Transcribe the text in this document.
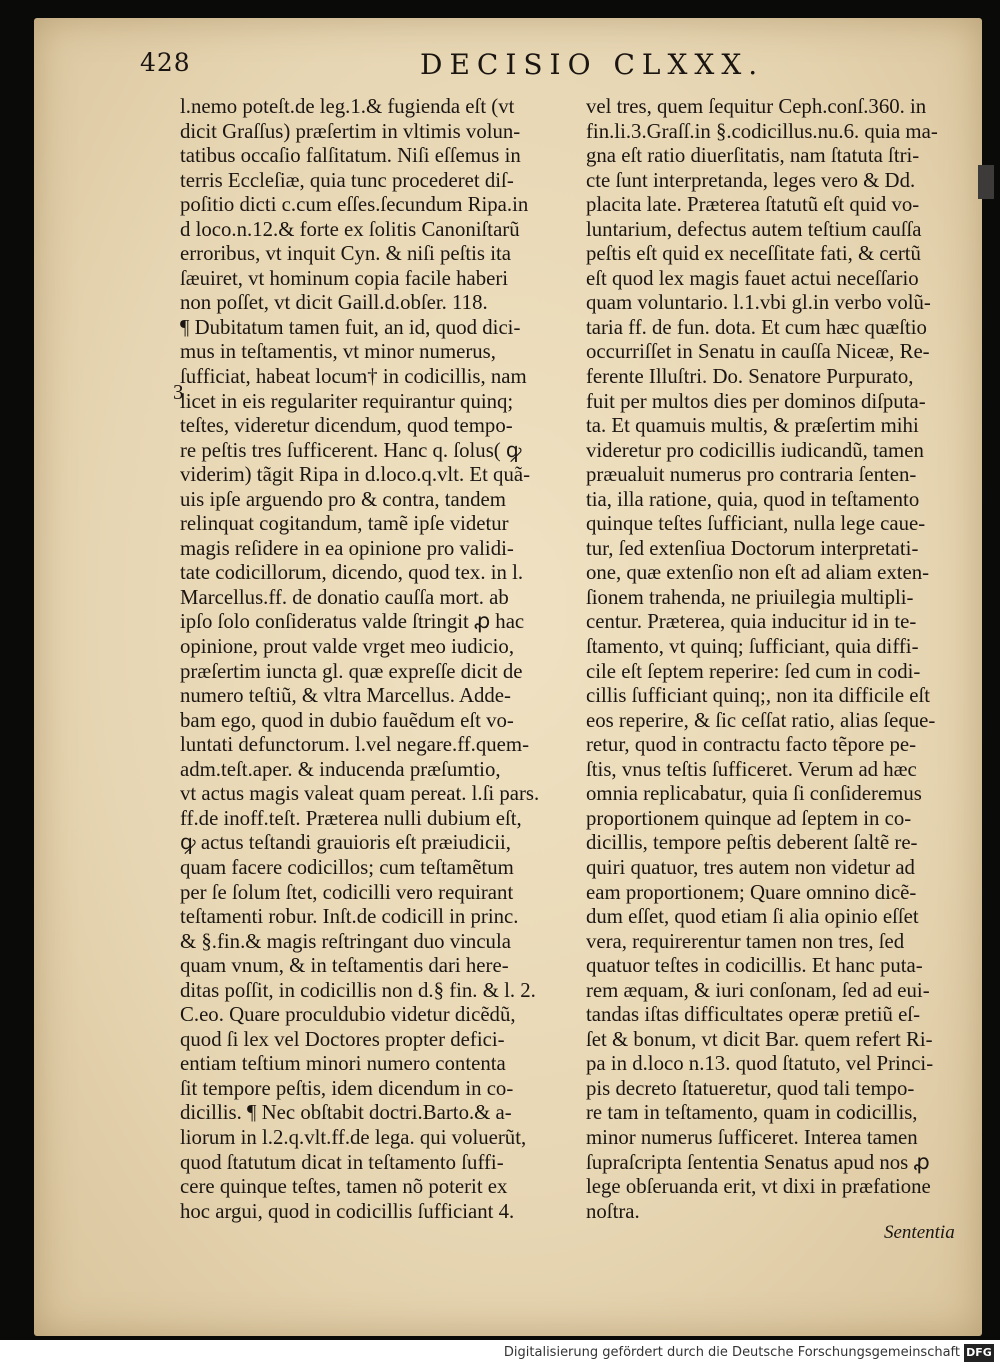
428	DECISIO CLXXX.
3
l.nemo poteſt.de leg.1.& fugienda eſt (vt
dicit Graſſus) præſertim in vltimis volun-
tatibus occaſio falſitatum. Niſi eſſemus in
terris Eccleſiæ, quia tunc procederet diſ-
poſitio dicti c.cum eſſes.ſecundum Ripa.in
d loco.n.12.& forte ex ſolitis Canoniſtarũ
erroribus, vt inquit Cyn. & niſi peſtis ita
ſæuiret, vt hominum copia facile haberi
non poſſet, vt dicit Gaill.d.obſer. 118.
¶ Dubitatum tamen fuit, an id, quod dici-
mus in teſtamentis, vt minor numerus,
ſufficiat, habeat locum† in codicillis, nam
licet in eis regulariter requirantur quinq;
teſtes, videretur dicendum, quod tempo-
re peſtis tres ſufficerent. Hanc q. ſolus( ꝙ
viderim) tãgit Ripa in d.loco.q.vlt. Et quã-
uis ipſe arguendo pro & contra, tandem
relinquat cogitandum, tamẽ ipſe videtur
magis reſidere in ea opinione pro validi-
tate codicillorum, dicendo, quod tex. in l.
Marcellus.ff. de donatio cauſſa mort. ab
ipſo ſolo conſideratus valde ſtringit ꝓ hac
opinione, prout valde vrget meo iudicio,
præſertim iuncta gl. quæ expreſſe dicit de
numero teſtiũ, & vltra Marcellus. Adde-
bam ego, quod in dubio fauẽdum eſt vo-
luntati defunctorum. l.vel negare.ff.quem-
adm.teſt.aper. & inducenda præſumtio,
vt actus magis valeat quam pereat. l.ſi pars.
ff.de inoff.teſt. Præterea nulli dubium eſt,
ꝙ actus teſtandi grauioris eſt præiudicii,
quam facere codicillos; cum teſtamẽtum
per ſe ſolum ſtet, codicilli vero requirant
teſtamenti robur. Inſt.de codicill in princ.
& §.fin.& magis reſtringant duo vincula
quam vnum, & in teſtamentis dari here-
ditas poſſit, in codicillis non d.§ fin. & l. 2.
C.eo. Quare proculdubio videtur dicẽdũ,
quod ſi lex vel Doctores propter defici-
entiam teſtium minori numero contenta
ſit tempore peſtis, idem dicendum in co-
dicillis. ¶ Nec obſtabit doctri.Barto.& a-
liorum in l.2.q.vlt.ff.de lega. qui voluerũt,
quod ſtatutum dicat in teſtamento ſuffi-
cere quinque teſtes, tamen nõ poterit ex
hoc argui, quod in codicillis ſufficiant 4.
vel tres, quem ſequitur Ceph.conſ.360. in
fin.li.3.Graſſ.in §.codicillus.nu.6. quia ma-
gna eſt ratio diuerſitatis, nam ſtatuta ſtri-
cte ſunt interpretanda, leges vero & Dd.
placita late. Præterea ſtatutũ eſt quid vo-
luntarium, defectus autem teſtium cauſſa
peſtis eſt quid ex neceſſitate fati, & certũ
eſt quod lex magis fauet actui neceſſario
quam voluntario. l.1.vbi gl.in verbo volũ-
taria ff. de fun. dota. Et cum hæc quæſtio
occurriſſet in Senatu in cauſſa Niceæ, Re-
ferente Illuſtri. Do. Senatore Purpurato,
fuit per multos dies per dominos diſputa-
ta. Et quamuis multis, & præſertim mihi
videretur pro codicillis iudicandũ, tamen
præualuit numerus pro contraria ſenten-
tia, illa ratione, quia, quod in teſtamento
quinque teſtes ſufficiant, nulla lege caue-
tur, ſed extenſiua Doctorum interpretati-
one, quæ extenſio non eſt ad aliam exten-
ſionem trahenda, ne priuilegia multipli-
centur. Præterea, quia inducitur id in te-
ſtamento, vt quinq; ſufficiant, quia diffi-
cile eſt ſeptem reperire: ſed cum in codi-
cillis ſufficiant quinq;, non ita difficile eſt
eos reperire, & ſic ceſſat ratio, alias ſeque-
retur, quod in contractu facto tẽpore pe-
ſtis, vnus teſtis ſufficeret. Verum ad hæc
omnia replicabatur, quia ſi conſideremus
proportionem quinque ad ſeptem in co-
dicillis, tempore peſtis deberent ſaltẽ re-
quiri quatuor, tres autem non videtur ad
eam proportionem; Quare omnino dicẽ-
dum eſſet, quod etiam ſi alia opinio eſſet
vera, requirerentur tamen non tres, ſed
quatuor teſtes in codicillis. Et hanc puta-
rem æquam, & iuri conſonam, ſed ad eui-
tandas iſtas difficultates operæ pretiũ eſ-
ſet & bonum, vt dicit Bar. quem refert Ri-
pa in d.loco n.13. quod ſtatuto, vel Princi-
pis decreto ſtatueretur, quod tali tempo-
re tam in teſtamento, quam in codicillis,
minor numerus ſufficeret. Interea tamen
ſupraſcripta ſententia Senatus apud nos ꝓ
lege obſeruanda erit, vt dixi in præfatione
noſtra.
Sententia
Digitalisierung gefördert durch die Deutsche Forschungsgemeinschaft DFG
